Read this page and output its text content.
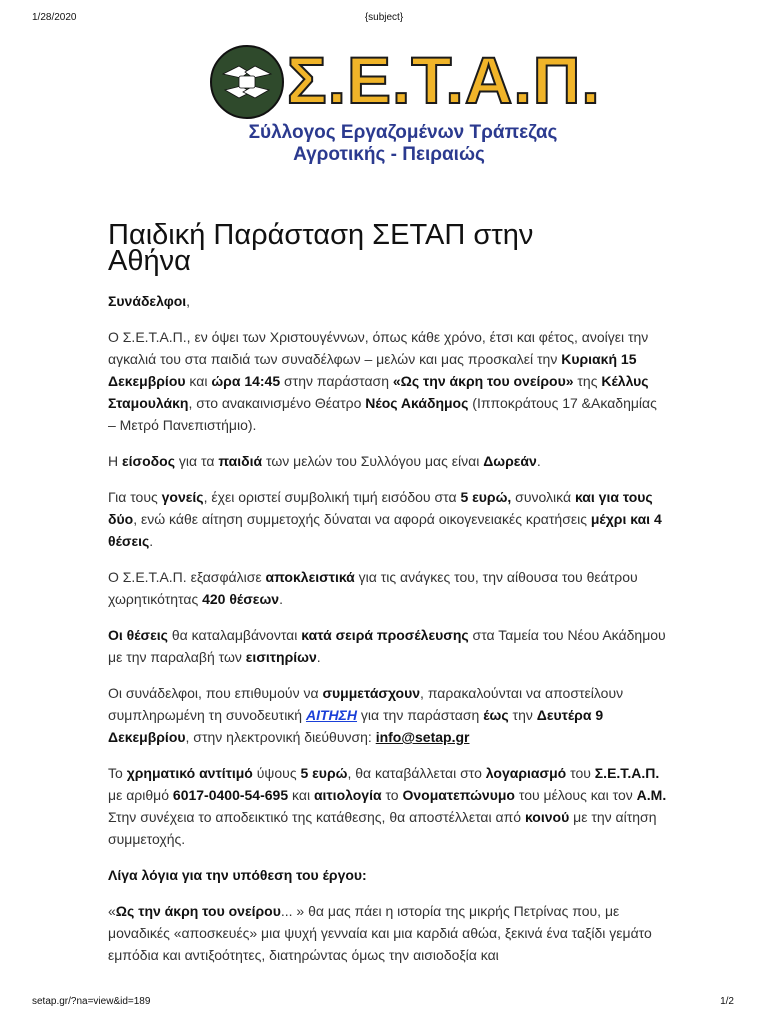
1/28/2020	{subject}
Σ.Ε.Τ.Α.Π.
Σύλλογος Εργαζομένων Τράπεζας
Αγροτικής - Πειραιώς
Παιδική Παράσταση ΣΕΤΑΠ στην
Αθήνα

Συνάδελφοι,

Ο Σ.Ε.Τ.Α.Π., εν όψει των Χριστουγέννων, όπως κάθε χρόνο, έτσι και φέτος, ανοίγει την αγκαλιά του στα παιδιά των συναδέλφων – μελών και μας προσκαλεί την Κυριακή 15 Δεκεμβρίου και ώρα 14:45 στην παράσταση «Ως την άκρη του ονείρου» της Κέλλυς Σταμουλάκη, στο ανακαινισμένο Θέατρο Νέος Ακάδημος (Ιπποκράτους 17 &Ακαδημίας – Μετρό Πανεπιστήμιο).

Η είσοδος για τα παιδιά των μελών του Συλλόγου μας είναι Δωρεάν.

Για τους γονείς, έχει οριστεί συμβολική τιμή εισόδου στα 5 ευρώ, συνολικά και για τους δύο, ενώ κάθε αίτηση συμμετοχής δύναται να αφορά οικογενειακές κρατήσεις μέχρι και 4 θέσεις.

Ο Σ.Ε.Τ.Α.Π. εξασφάλισε αποκλειστικά για τις ανάγκες του, την αίθουσα του θεάτρου χωρητικότητας 420 θέσεων.

Οι θέσεις θα καταλαμβάνονται κατά σειρά προσέλευσης στα Ταμεία του Νέου Ακάδημου με την παραλαβή των εισιτηρίων.

Οι συνάδελφοι, που επιθυμούν να συμμετάσχουν, παρακαλούνται να αποστείλουν συμπληρωμένη τη συνοδευτική ΑΙΤΗΣΗ για την παράσταση έως την Δευτέρα 9 Δεκεμβρίου, στην ηλεκτρονική διεύθυνση: info@setap.gr

Το χρηματικό αντίτιμό ύψους 5 ευρώ, θα καταβάλλεται στο λογαριασμό του Σ.Ε.Τ.Α.Π. με αριθμό 6017-0400-54-695 και αιτιολογία το Ονοματεπώνυμο του μέλους και τον Α.Μ. Στην συνέχεια το αποδεικτικό της κατάθεσης, θα αποστέλλεται από κοινού με την αίτηση συμμετοχής.

Λίγα λόγια για την υπόθεση του έργου:

«Ως την άκρη του ονείρου... » θα μας πάει η ιστορία της μικρής Πετρίνας που, με μοναδικές «αποσκευές» μια ψυχή γενναία και μια καρδιά αθώα, ξεκινά ένα ταξίδι γεμάτο εμπόδια και αντιξοότητες, διατηρώντας όμως την αισιοδοξία και

setap.gr/?na=view&id=189	1/2
